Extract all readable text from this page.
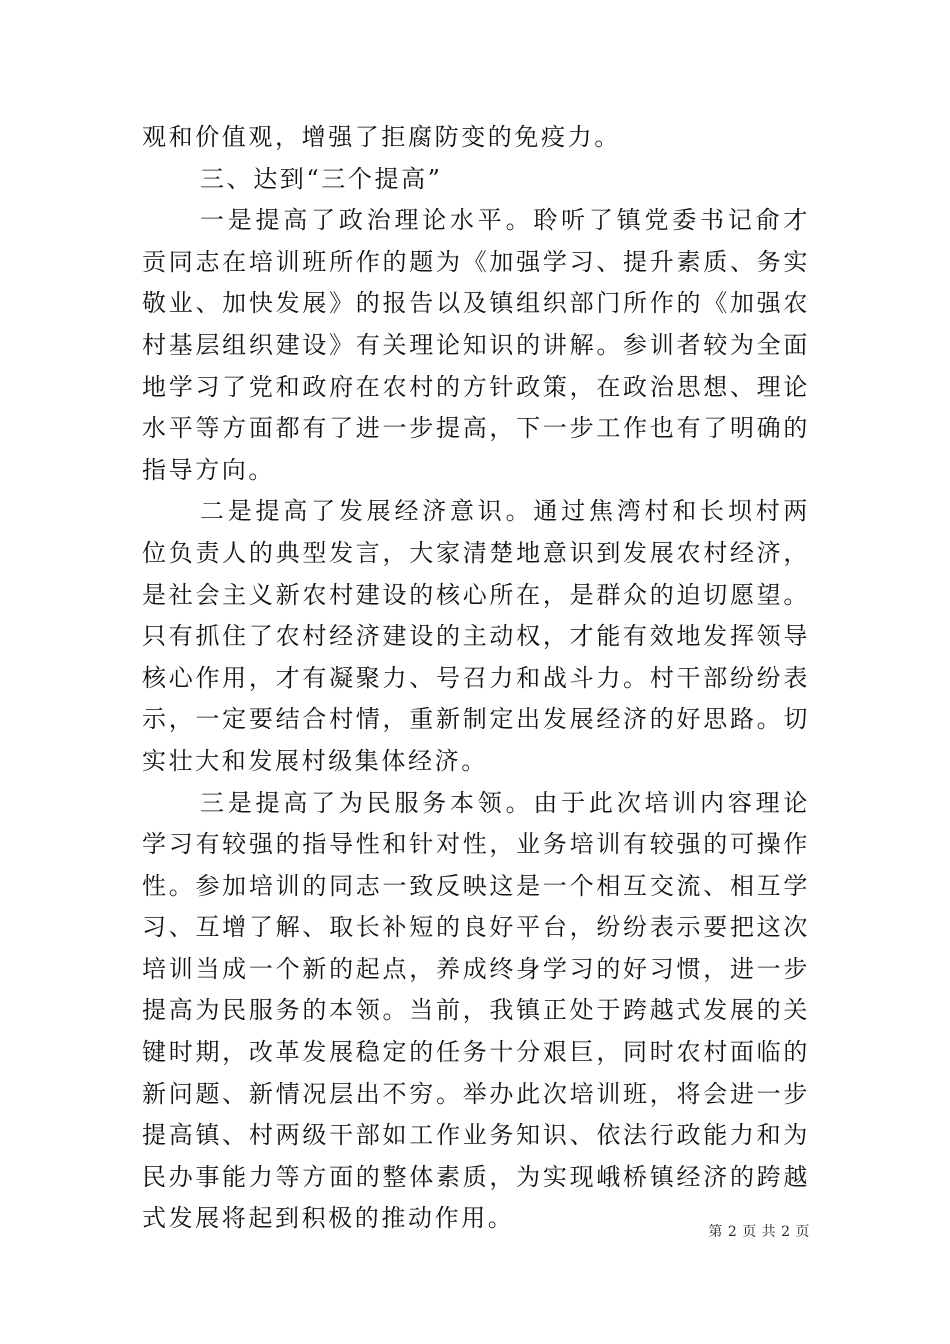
观和价值观，增强了拒腐防变的免疫力。

三、达到“三个提高”

一是提高了政治理论水平。聆听了镇党委书记俞才贡同志在培训班所作的题为《加强学习、提升素质、务实敬业、加快发展》的报告以及镇组织部门所作的《加强农村基层组织建设》有关理论知识的讲解。参训者较为全面地学习了党和政府在农村的方针政策，在政治思想、理论水平等方面都有了进一步提高，下一步工作也有了明确的指导方向。

二是提高了发展经济意识。通过焦湾村和长坝村两位负责人的典型发言，大家清楚地意识到发展农村经济，是社会主义新农村建设的核心所在，是群众的迫切愿望。只有抓住了农村经济建设的主动权，才能有效地发挥领导核心作用，才有凝聚力、号召力和战斗力。村干部纷纷表示，一定要结合村情，重新制定出发展经济的好思路。切实壮大和发展村级集体经济。

三是提高了为民服务本领。由于此次培训内容理论学习有较强的指导性和针对性，业务培训有较强的可操作性。参加培训的同志一致反映这是一个相互交流、相互学习、互增了解、取长补短的良好平台，纷纷表示要把这次培训当成一个新的起点，养成终身学习的好习惯，进一步提高为民服务的本领。当前，我镇正处于跨越式发展的关键时期，改革发展稳定的任务十分艰巨，同时农村面临的新问题、新情况层出不穷。举办此次培训班，将会进一步提高镇、村两级干部如工作业务知识、依法行政能力和为民办事能力等方面的整体素质，为实现峨桥镇经济的跨越式发展将起到积极的推动作用。	第 2 页 共 2 页
